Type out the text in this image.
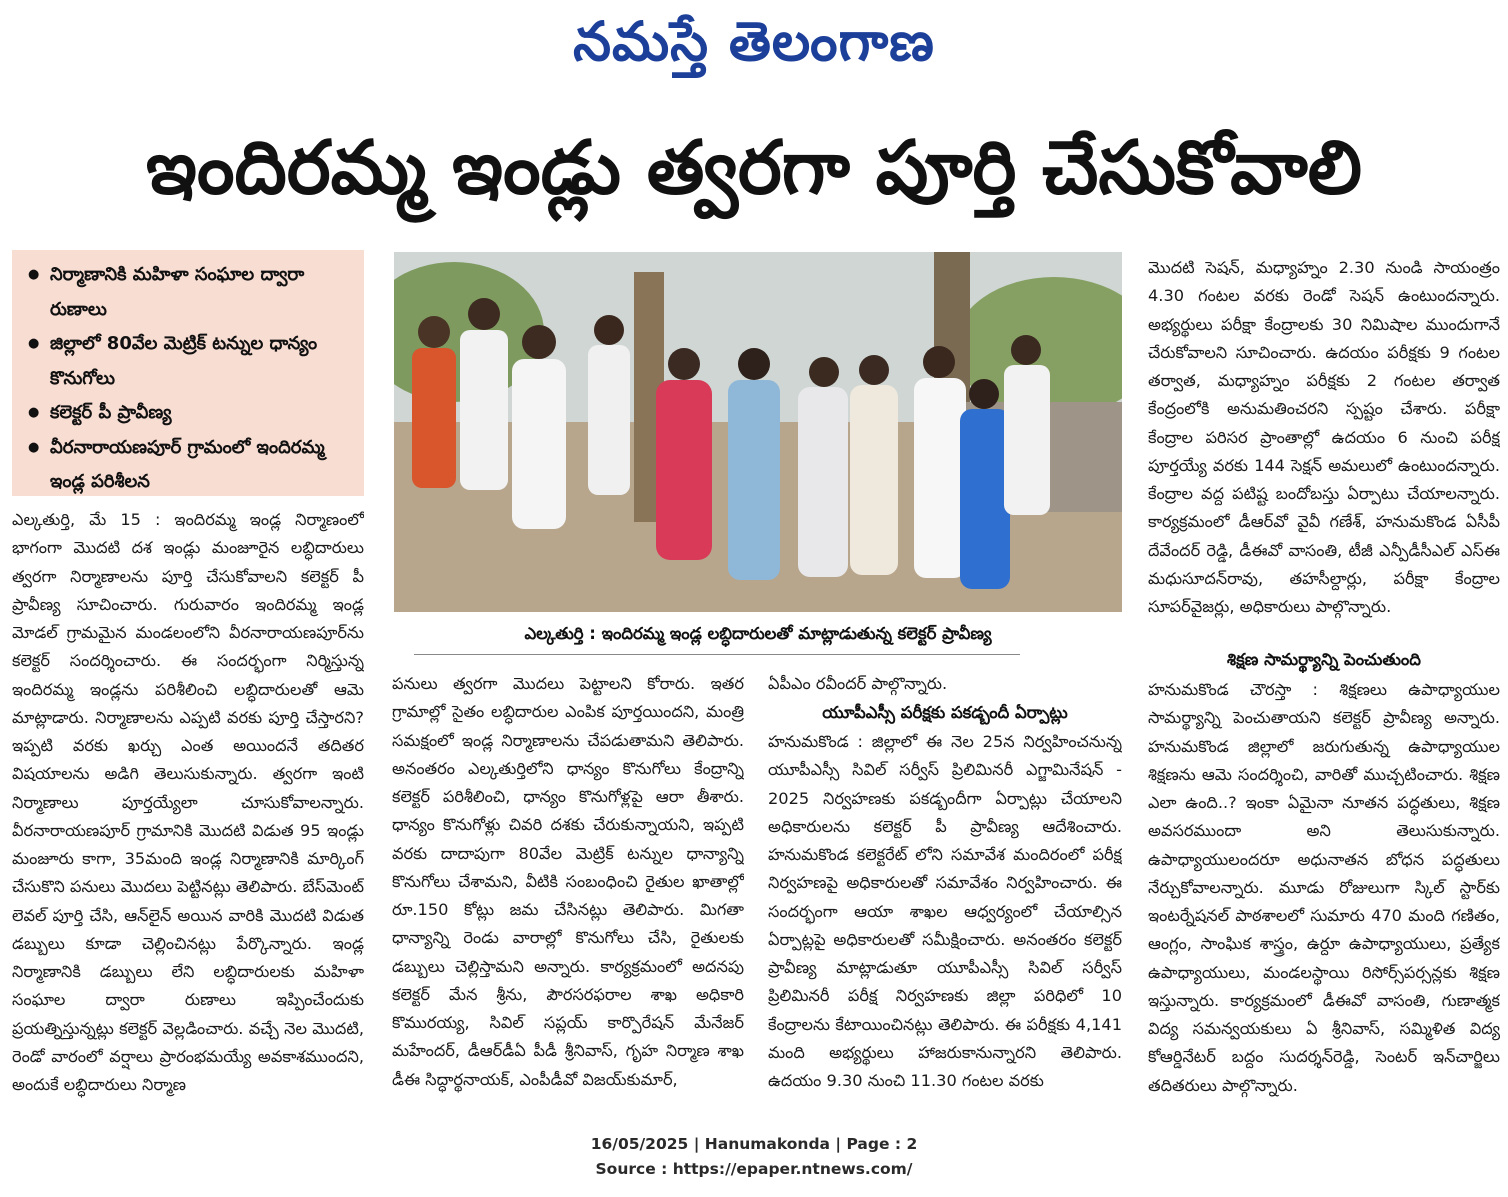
నమస్తే తెలంగాణ
ఇందిరమ్మ ఇండ్లు త్వరగా పూర్తి చేసుకోవాలి
● నిర్మాణానికి మహిళా సంఘాల ద్వారా రుణాలు
● జిల్లాలో 80వేల మెట్రిక్ టన్నుల ధాన్యం కొనుగోలు
● కలెక్టర్ పీ ప్రావీణ్య
● వీరనారాయణపూర్ గ్రామంలో ఇందిరమ్మ ఇండ్ల పరిశీలన

ఎల్కతుర్తి, మే 15 : ఇందిరమ్మ ఇండ్ల నిర్మాణంలో భాగంగా మొదటి దశ ఇండ్లు మంజూరైన లబ్ధిదారులు త్వరగా నిర్మాణాలను పూర్తి చేసుకోవాలని కలెక్టర్ పీ ప్రావీణ్య సూచించారు. గురువారం ఇందిరమ్మ ఇండ్ల మోడల్ గ్రామమైన మండలంలోని వీరనారాయణపూర్‌ను కలెక్టర్ సందర్శించారు. ఈ సందర్భంగా నిర్మిస్తున్న ఇందిరమ్మ ఇండ్లను పరిశీలించి లబ్ధిదారులతో ఆమె మాట్లాడారు. నిర్మాణాలను ఎప్పటి వరకు పూర్తి చేస్తారని? ఇప్పటి వరకు ఖర్చు ఎంత అయిందనే తదితర విషయాలను అడిగి తెలుసుకున్నారు. త్వరగా ఇంటి నిర్మాణాలు పూర్తయ్యేలా చూసుకోవాలన్నారు. వీరనారాయణపూర్ గ్రామానికి మొదటి విడుత 95 ఇండ్లు మంజూరు కాగా, 35మంది ఇండ్ల నిర్మాణానికి మార్కింగ్ చేసుకొని పనులు మొదలు పెట్టినట్లు తెలిపారు. బేస్‌మెంట్ లెవల్ పూర్తి చేసి, ఆన్‌లైన్ అయిన వారికి మొదటి విడుత డబ్బులు కూడా చెల్లించినట్లు పేర్కొన్నారు. ఇండ్ల నిర్మాణానికి డబ్బులు లేని లబ్ధిదారులకు మహిళా సంఘాల ద్వారా రుణాలు ఇప్పించేందుకు ప్రయత్నిస్తున్నట్లు కలెక్టర్ వెల్లడించారు. వచ్చే నెల మొదటి, రెండో వారంలో వర్షాలు ప్రారంభమయ్యే అవకాశముందని, అందుకే లబ్ధిదారులు నిర్మాణ

ఎల్కతుర్తి : ఇందిరమ్మ ఇండ్ల లబ్ధిదారులతో మాట్లాడుతున్న కలెక్టర్ ప్రావీణ్య

పనులు త్వరగా మొదలు పెట్టాలని కోరారు. ఇతర గ్రామాల్లో సైతం లబ్ధిదారుల ఎంపిక పూర్తయిందని, మంత్రి సమక్షంలో ఇండ్ల నిర్మాణాలను చేపడుతామని తెలిపారు. అనంతరం ఎల్కతుర్తిలోని ధాన్యం కొనుగోలు కేంద్రాన్ని కలెక్టర్ పరిశీలించి, ధాన్యం కొనుగోళ్లపై ఆరా తీశారు. ధాన్యం కొనుగోళ్లు చివరి దశకు చేరుకున్నాయని, ఇప్పటి వరకు దాదాపుగా 80వేల మెట్రిక్ టన్నుల ధాన్యాన్ని కొనుగోలు చేశామని, వీటికి సంబంధించి రైతుల ఖాతాల్లో రూ.150 కోట్లు జమ చేసినట్లు తెలిపారు. మిగతా ధాన్యాన్ని రెండు వారాల్లో కొనుగోలు చేసి, రైతులకు డబ్బులు చెల్లిస్తామని అన్నారు. కార్యక్రమంలో అదనపు కలెక్టర్ మేన శ్రీను, పౌరసరఫరాల శాఖ అధికారి కొమురయ్య, సివిల్ సప్లయ్ కార్పొరేషన్ మేనేజర్ మహేందర్, డీఆర్‌డీఏ పీడీ శ్రీనివాస్, గృహ నిర్మాణ శాఖ డీఈ సిద్ధార్థనాయక్, ఎంపీడీవో విజయ్‌కుమార్,

ఏపీఎం రవీందర్ పాల్గొన్నారు.

యూపీఎస్సీ పరీక్షకు పకడ్బందీ ఏర్పాట్లు

హనుమకొండ : జిల్లాలో ఈ నెల 25న నిర్వహించనున్న యూపీఎస్సీ సివిల్ సర్వీస్ ప్రిలిమినరీ ఎగ్జామినేషన్ - 2025 నిర్వహణకు పకడ్బందీగా ఏర్పాట్లు చేయాలని అధికారులను కలెక్టర్ పీ ప్రావీణ్య ఆదేశించారు. హనుమకొండ కలెక్టరేట్ లోని సమావేశ మందిరంలో పరీక్ష నిర్వహణపై అధికారులతో సమావేశం నిర్వహించారు. ఈ సందర్భంగా ఆయా శాఖల ఆధ్వర్యంలో చేయాల్సిన ఏర్పాట్లపై అధికారులతో సమీక్షించారు. అనంతరం కలెక్టర్ ప్రావీణ్య మాట్లాడుతూ యూపీఎస్సీ సివిల్ సర్వీస్ ప్రిలిమినరీ పరీక్ష నిర్వహణకు జిల్లా పరిధిలో 10 కేంద్రాలను కేటాయించినట్లు తెలిపారు. ఈ పరీక్షకు 4,141 మంది అభ్యర్థులు హాజరుకానున్నారని తెలిపారు. ఉదయం 9.30 నుంచి 11.30 గంటల వరకు

మొదటి సెషన్, మధ్యాహ్నం 2.30 నుండి సాయంత్రం 4.30 గంటల వరకు రెండో సెషన్ ఉంటుందన్నారు. అభ్యర్థులు పరీక్షా కేంద్రాలకు 30 నిమిషాల ముందుగానే చేరుకోవాలని సూచించారు. ఉదయం పరీక్షకు 9 గంటల తర్వాత, మధ్యాహ్నం పరీక్షకు 2 గంటల తర్వాత కేంద్రంలోకి అనుమతించరని స్పష్టం చేశారు. పరీక్షా కేంద్రాల పరిసర ప్రాంతాల్లో ఉదయం 6 నుంచి పరీక్ష పూర్తయ్యే వరకు 144 సెక్షన్ అమలులో ఉంటుందన్నారు. కేంద్రాల వద్ద పటిష్ట బందోబస్తు ఏర్పాటు చేయాలన్నారు. కార్యక్రమంలో డీఆర్‌వో వైవీ గణేశ్, హనుమకొండ ఏసీపీ దేవేందర్ రెడ్డి, డీఈవో వాసంతి, టీజీ ఎన్పీడీసీఎల్ ఎస్ఈ మధుసూదన్‌రావు, తహసీల్దార్లు, పరీక్షా కేంద్రాల సూపర్‌వైజర్లు, అధికారులు పాల్గొన్నారు.

శిక్షణ సామర్థ్యాన్ని పెంచుతుంది

హనుమకొండ చౌరస్తా : శిక్షణలు ఉపాధ్యాయుల సామర్థ్యాన్ని పెంచుతాయని కలెక్టర్ ప్రావీణ్య అన్నారు. హనుమకొండ జిల్లాలో జరుగుతున్న ఉపాధ్యాయుల శిక్షణను ఆమె సందర్శించి, వారితో ముచ్చటించారు. శిక్షణ ఎలా ఉంది..? ఇంకా ఏమైనా నూతన పద్ధతులు, శిక్షణ అవసరముందా అని తెలుసుకున్నారు. ఉపాధ్యాయులందరూ అధునాతన బోధన పద్ధతులు నేర్చుకోవాలన్నారు. మూడు రోజులుగా స్కిల్ స్టార్‌కు ఇంటర్నేషనల్ పాఠశాలలో సుమారు 470 మంది గణితం, ఆంగ్లం, సాంఘిక శాస్త్రం, ఉర్దూ ఉపాధ్యాయులు, ప్రత్యేక ఉపాధ్యాయులు, మండలస్థాయి రిసోర్స్‌పర్సన్లకు శిక్షణ ఇస్తున్నారు. కార్యక్రమంలో డీఈవో వాసంతి, గుణాత్మక విద్య సమన్వయకులు ఏ శ్రీనివాస్, సమ్మిళిత విద్య కోఆర్డినేటర్ బద్దం సుదర్శన్‌రెడ్డి, సెంటర్ ఇన్‌చార్జిలు తదితరులు పాల్గొన్నారు.

16/05/2025 | Hanumakonda | Page : 2
Source : https://epaper.ntnews.com/
